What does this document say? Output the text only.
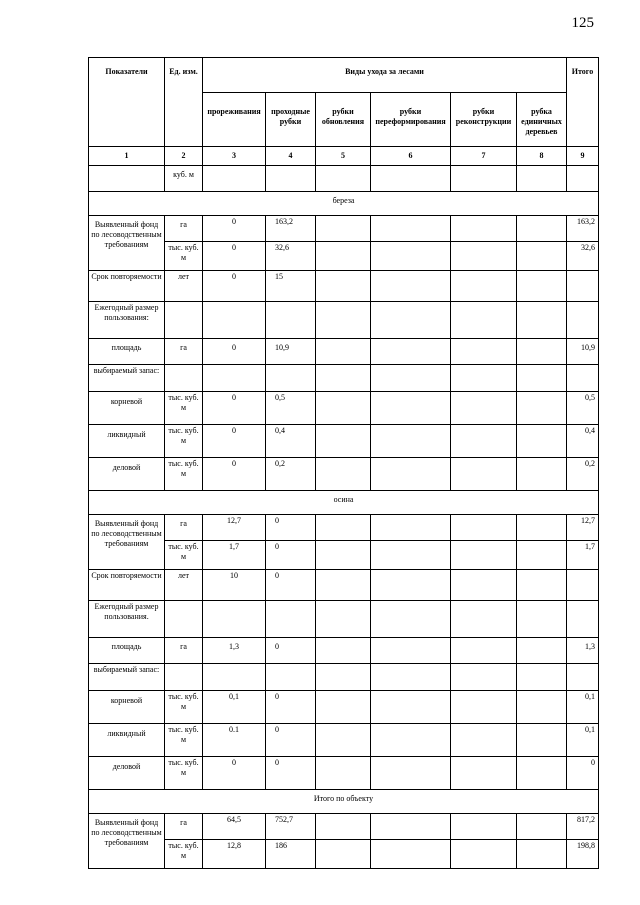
125
Показатели	Ед. изм.	Виды ухода за лесами						Итого
		прореживания	проходные рубки	рубки обновления	рубки переформирования	рубки реконструкции	рубка единичных деревьев	
1	2	3	4	5	6	7	8	9
	куб. м							
береза								
Выявленный фонд по лесоводственным требованиям	га	0	163,2					163,2
	тыс. куб. м	0	32,6					32,6
Срок повторяемости	лет	0	15					
Ежегодный размер пользования:								
площадь	га	0	10,9					10,9
выбираемый запас:								
корневой	тыс. куб. м	0	0,5					0,5
ликвидный	тыс. куб. м	0	0,4					0,4
деловой	тыс. куб. м	0	0,2					0,2
осина								
Выявленный фонд по лесоводственным требованиям	га	12,7	0					12,7
	тыс. куб. м	1,7	0					1,7
Срок повторяемости	лет	10	0					
Ежегодный размер пользования.								
площадь	га	1,3	0					1,3
выбираемый запас:								
корневой	тыс. куб. м	0,1	0					0,1
ликвидный	тыс. куб. м	0.1	0					0,1
деловой	тыс. куб. м	0	0					0
Итого по объекту								
Выявленный фонд по лесоводственным требованиям	га	64,5	752,7					817,2
	тыс. куб. м	12,8	186					198,8
